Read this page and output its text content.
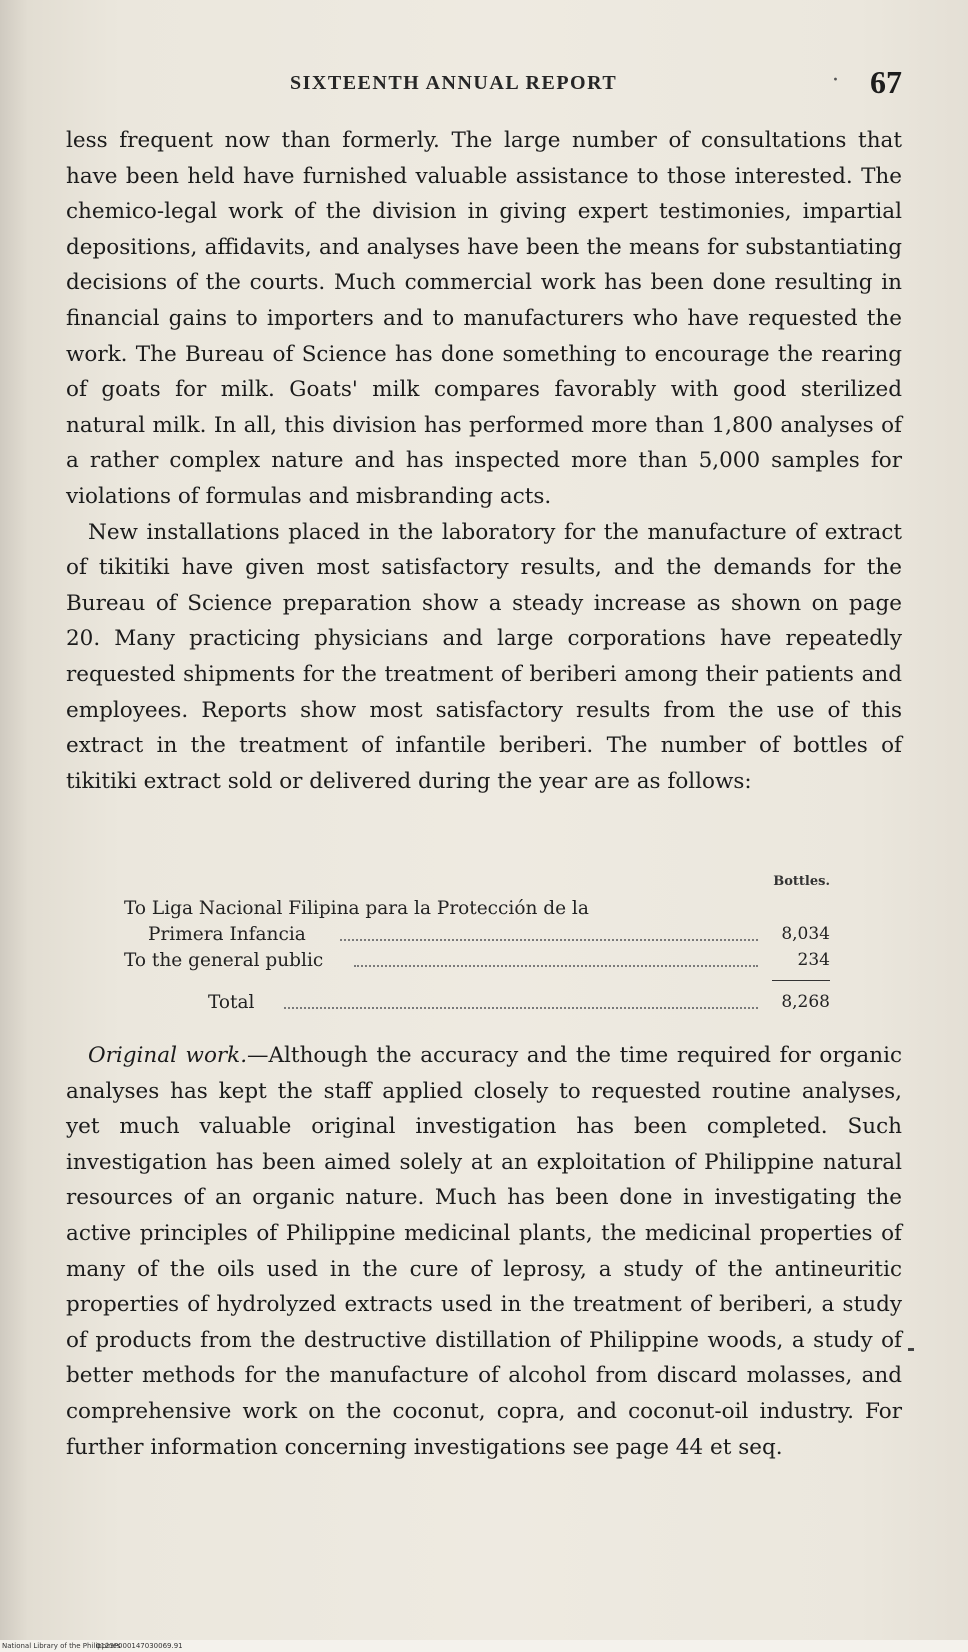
SIXTEENTH ANNUAL REPORT	· 67

less frequent now than formerly. The large number of consultations that have been held have furnished valuable assistance to those interested. The chemico-legal work of the division in giving expert testimonies, impartial depositions, affidavits, and analyses have been the means for substantiating decisions of the courts. Much commercial work has been done resulting in financial gains to importers and to manufacturers who have requested the work. The Bureau of Science has done something to encourage the rearing of goats for milk. Goats' milk compares favorably with good sterilized natural milk. In all, this division has performed more than 1,800 analyses of a rather complex nature and has inspected more than 5,000 samples for violations of formulas and misbranding acts.

New installations placed in the laboratory for the manufacture of extract of tikitiki have given most satisfactory results, and the demands for the Bureau of Science preparation show a steady increase as shown on page 20. Many practicing physicians and large corporations have repeatedly requested shipments for the treatment of beriberi among their patients and employees. Reports show most satisfactory results from the use of this extract in the treatment of infantile beriberi. The number of bottles of tikitiki extract sold or delivered during the year are as follows:

Bottles.
To Liga Nacional Filipina para la Protección de la
Primera Infancia	8,034
To the general public	234
Total	8,268

Original work.—Although the accuracy and the time required for organic analyses has kept the staff applied closely to requested routine analyses, yet much valuable original investigation has been completed. Such investigation has been aimed solely at an exploitation of Philippine natural resources of an organic nature. Much has been done in investigating the active principles of Philippine medicinal plants, the medicinal properties of many of the oils used in the cure of leprosy, a study of the antineuritic properties of hydrolyzed extracts used in the treatment of beriberi, a study of products from the destructive distillation of Philippine woods, a study of better methods for the manufacture of alcohol from discard molasses, and comprehensive work on the coconut, copra, and coconut-oil industry. For further information concerning investigations see page 44 et seq.

National Library of the Philippines
0123P000147030069.91
